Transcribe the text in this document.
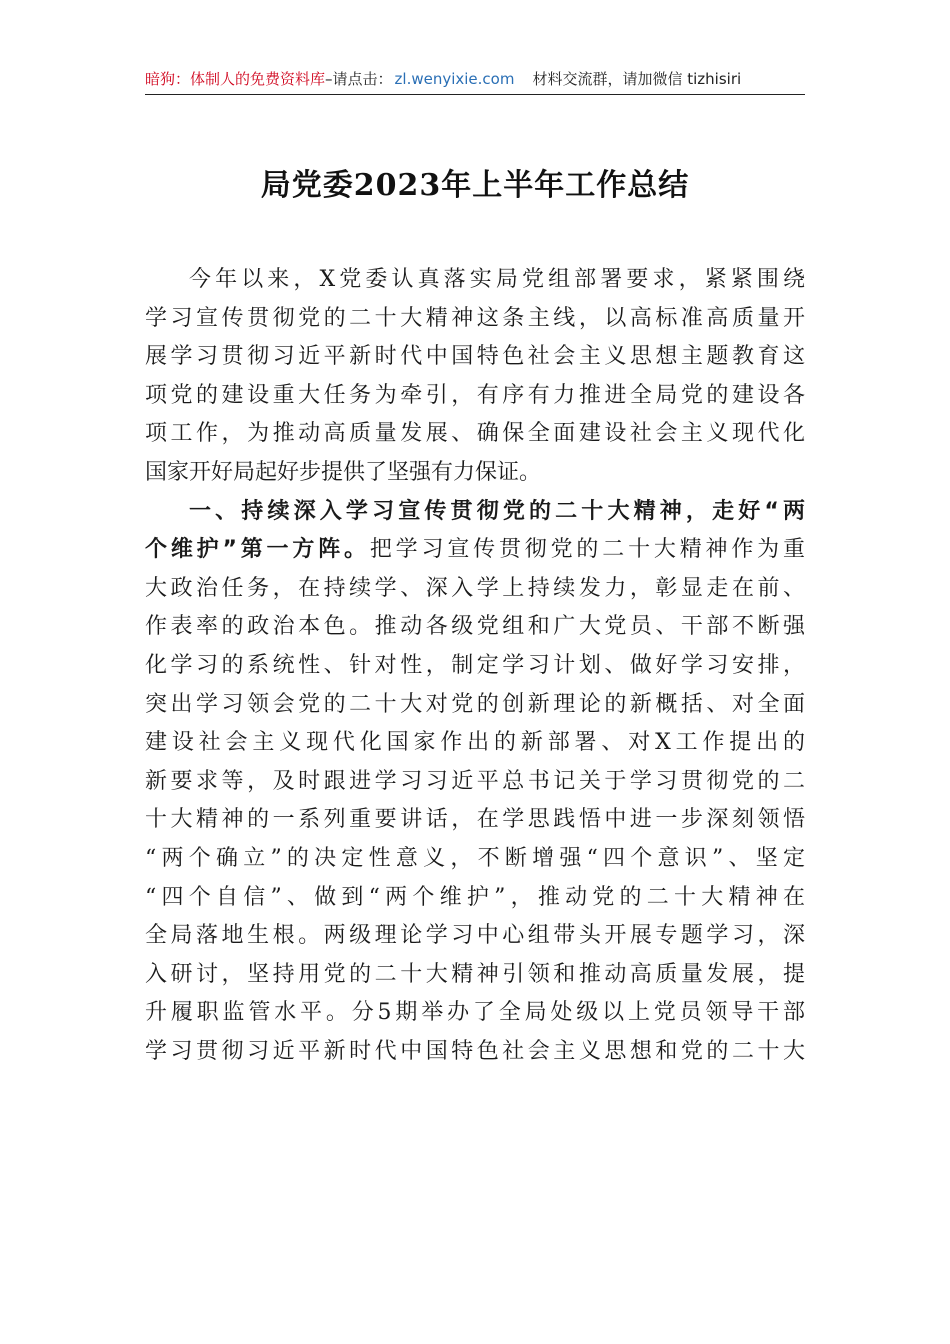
暗狗：体制人的免费资料库–请点击： zl.wenyixie.com 材料交流群，请加微信 tizhisiri
局党委2023年上半年工作总结
今年以来，X党委认真落实局党组部署要求，紧紧围绕
学习宣传贯彻党的二十大精神这条主线，以高标准高质量开
展学习贯彻习近平新时代中国特色社会主义思想主题教育这
项党的建设重大任务为牵引，有序有力推进全局党的建设各
项工作，为推动高质量发展、确保全面建设社会主义现代化
国家开好局起好步提供了坚强有力保证。
一、持续深入学习宣传贯彻党的二十大精神，走好“两
个维护”第一方阵。把学习宣传贯彻党的二十大精神作为重
大政治任务，在持续学、深入学上持续发力，彰显走在前、
作表率的政治本色。推动各级党组和广大党员、干部不断强
化学习的系统性、针对性，制定学习计划、做好学习安排，
突出学习领会党的二十大对党的创新理论的新概括、对全面
建设社会主义现代化国家作出的新部署、对X工作提出的
新要求等，及时跟进学习习近平总书记关于学习贯彻党的二
十大精神的一系列重要讲话，在学思践悟中进一步深刻领悟
“两个确立”的决定性意义，不断增强“四个意识”、坚定
“四个自信”、做到“两个维护”，推动党的二十大精神在
全局落地生根。两级理论学习中心组带头开展专题学习，深
入研讨，坚持用党的二十大精神引领和推动高质量发展，提
升履职监管水平。分5期举办了全局处级以上党员领导干部
学习贯彻习近平新时代中国特色社会主义思想和党的二十大
